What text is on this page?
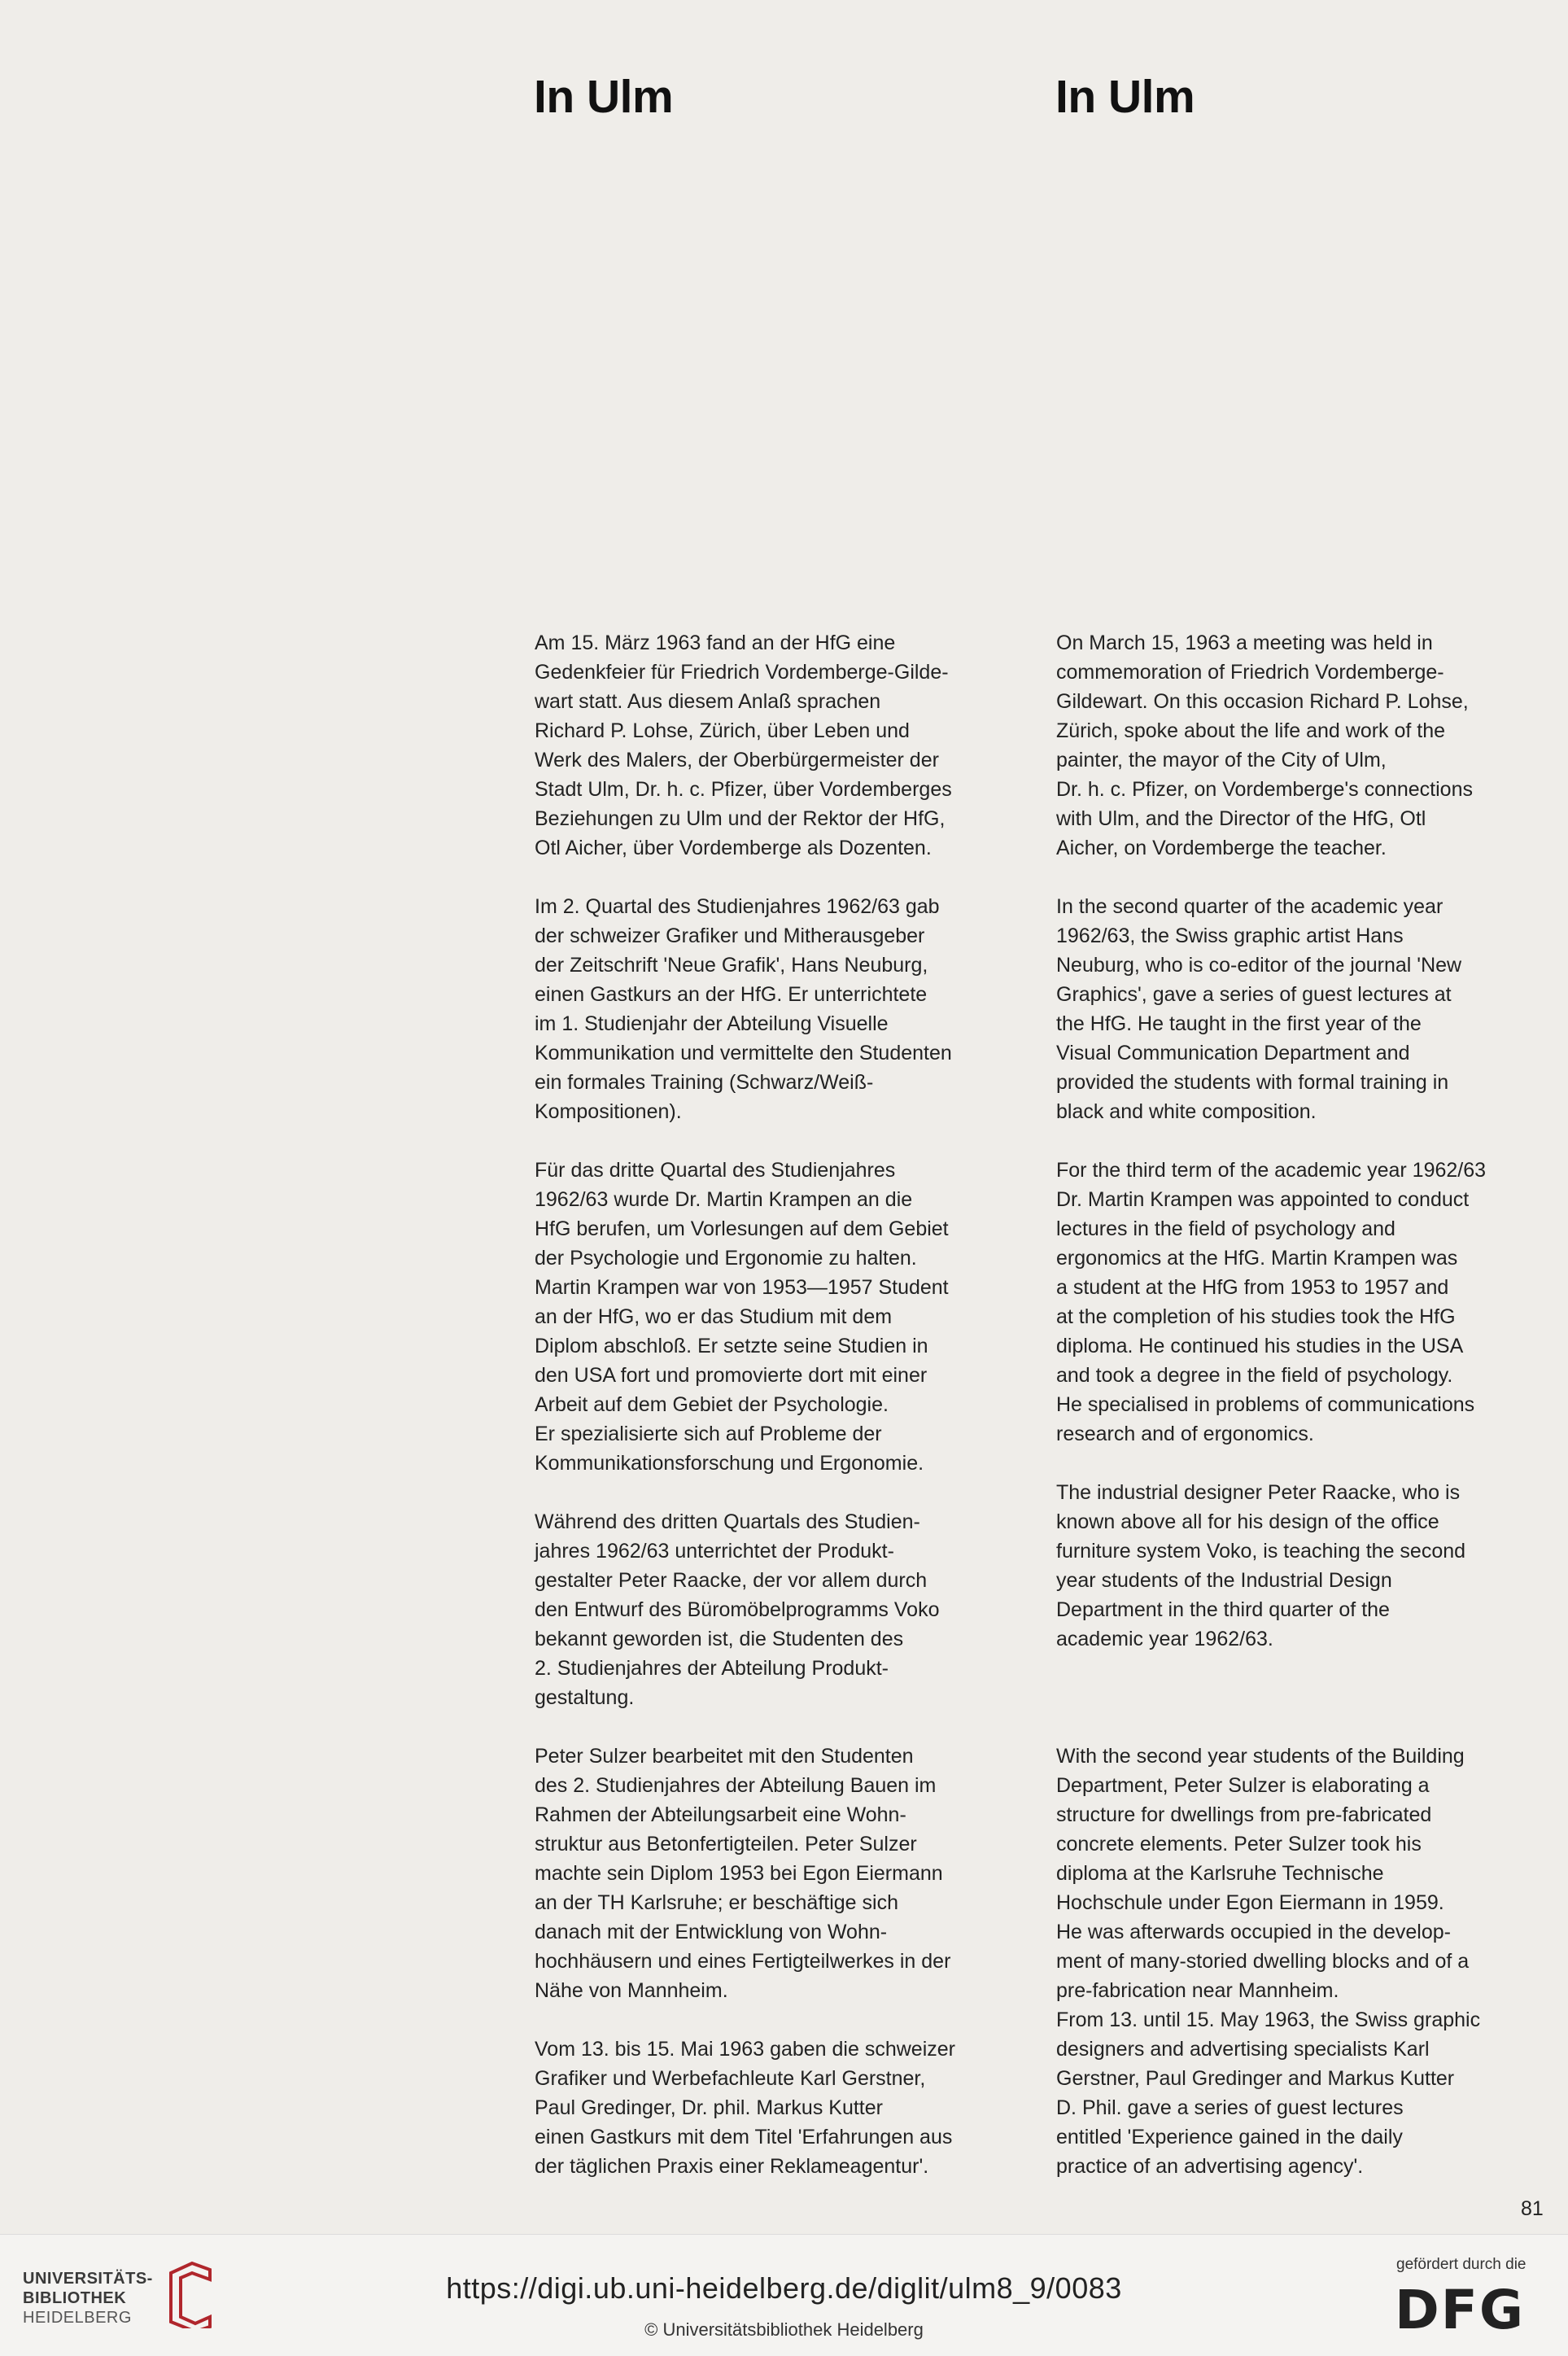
In Ulm	In Ulm

Am 15. März 1963 fand an der HfG eine
Gedenkfeier für Friedrich Vordemberge-Gilde-
wart statt. Aus diesem Anlaß sprachen
Richard P. Lohse, Zürich, über Leben und
Werk des Malers, der Oberbürgermeister der
Stadt Ulm, Dr. h. c. Pfizer, über Vordemberges
Beziehungen zu Ulm und der Rektor der HfG,
Otl Aicher, über Vordemberge als Dozenten.

Im 2. Quartal des Studienjahres 1962/63 gab
der schweizer Grafiker und Mitherausgeber
der Zeitschrift 'Neue Grafik', Hans Neuburg,
einen Gastkurs an der HfG. Er unterrichtete
im 1. Studienjahr der Abteilung Visuelle
Kommunikation und vermittelte den Studenten
ein formales Training (Schwarz/Weiß-
Kompositionen).

Für das dritte Quartal des Studienjahres
1962/63 wurde Dr. Martin Krampen an die
HfG berufen, um Vorlesungen auf dem Gebiet
der Psychologie und Ergonomie zu halten.
Martin Krampen war von 1953—1957 Student
an der HfG, wo er das Studium mit dem
Diplom abschloß. Er setzte seine Studien in
den USA fort und promovierte dort mit einer
Arbeit auf dem Gebiet der Psychologie.
Er spezialisierte sich auf Probleme der
Kommunikationsforschung und Ergonomie.

Während des dritten Quartals des Studien-
jahres 1962/63 unterrichtet der Produkt-
gestalter Peter Raacke, der vor allem durch
den Entwurf des Büromöbelprogramms Voko
bekannt geworden ist, die Studenten des
2. Studienjahres der Abteilung Produkt-
gestaltung.

Peter Sulzer bearbeitet mit den Studenten
des 2. Studienjahres der Abteilung Bauen im
Rahmen der Abteilungsarbeit eine Wohn-
struktur aus Betonfertigteilen. Peter Sulzer
machte sein Diplom 1953 bei Egon Eiermann
an der TH Karlsruhe; er beschäftige sich
danach mit der Entwicklung von Wohn-
hochhäusern und eines Fertigteilwerkes in der
Nähe von Mannheim.

Vom 13. bis 15. Mai 1963 gaben die schweizer
Grafiker und Werbefachleute Karl Gerstner,
Paul Gredinger, Dr. phil. Markus Kutter
einen Gastkurs mit dem Titel 'Erfahrungen aus
der täglichen Praxis einer Reklameagentur'.

On March 15, 1963 a meeting was held in
commemoration of Friedrich Vordemberge-
Gildewart. On this occasion Richard P. Lohse,
Zürich, spoke about the life and work of the
painter, the mayor of the City of Ulm,
Dr. h. c. Pfizer, on Vordemberge's connections
with Ulm, and the Director of the HfG, Otl
Aicher, on Vordemberge the teacher.

In the second quarter of the academic year
1962/63, the Swiss graphic artist Hans
Neuburg, who is co-editor of the journal 'New
Graphics', gave a series of guest lectures at
the HfG. He taught in the first year of the
Visual Communication Department and
provided the students with formal training in
black and white composition.

For the third term of the academic year 1962/63
Dr. Martin Krampen was appointed to conduct
lectures in the field of psychology and
ergonomics at the HfG. Martin Krampen was
a student at the HfG from 1953 to 1957 and
at the completion of his studies took the HfG
diploma. He continued his studies in the USA
and took a degree in the field of psychology.
He specialised in problems of communications
research and of ergonomics.

The industrial designer Peter Raacke, who is
known above all for his design of the office
furniture system Voko, is teaching the second
year students of the Industrial Design
Department in the third quarter of the
academic year 1962/63.

With the second year students of the Building
Department, Peter Sulzer is elaborating a
structure for dwellings from pre-fabricated
concrete elements. Peter Sulzer took his
diploma at the Karlsruhe Technische
Hochschule under Egon Eiermann in 1959.
He was afterwards occupied in the develop-
ment of many-storied dwelling blocks and of a
pre-fabrication near Mannheim.
From 13. until 15. May 1963, the Swiss graphic
designers and advertising specialists Karl
Gerstner, Paul Gredinger and Markus Kutter
D. Phil. gave a series of guest lectures
entitled 'Experience gained in the daily
practice of an advertising agency'.

81
UNIVERSITÄTS-
BIBLIOTHEK
HEIDELBERG
https://digi.ub.uni-heidelberg.de/diglit/ulm8_9/0083
© Universitätsbibliothek Heidelberg
gefördert durch die
DFG
